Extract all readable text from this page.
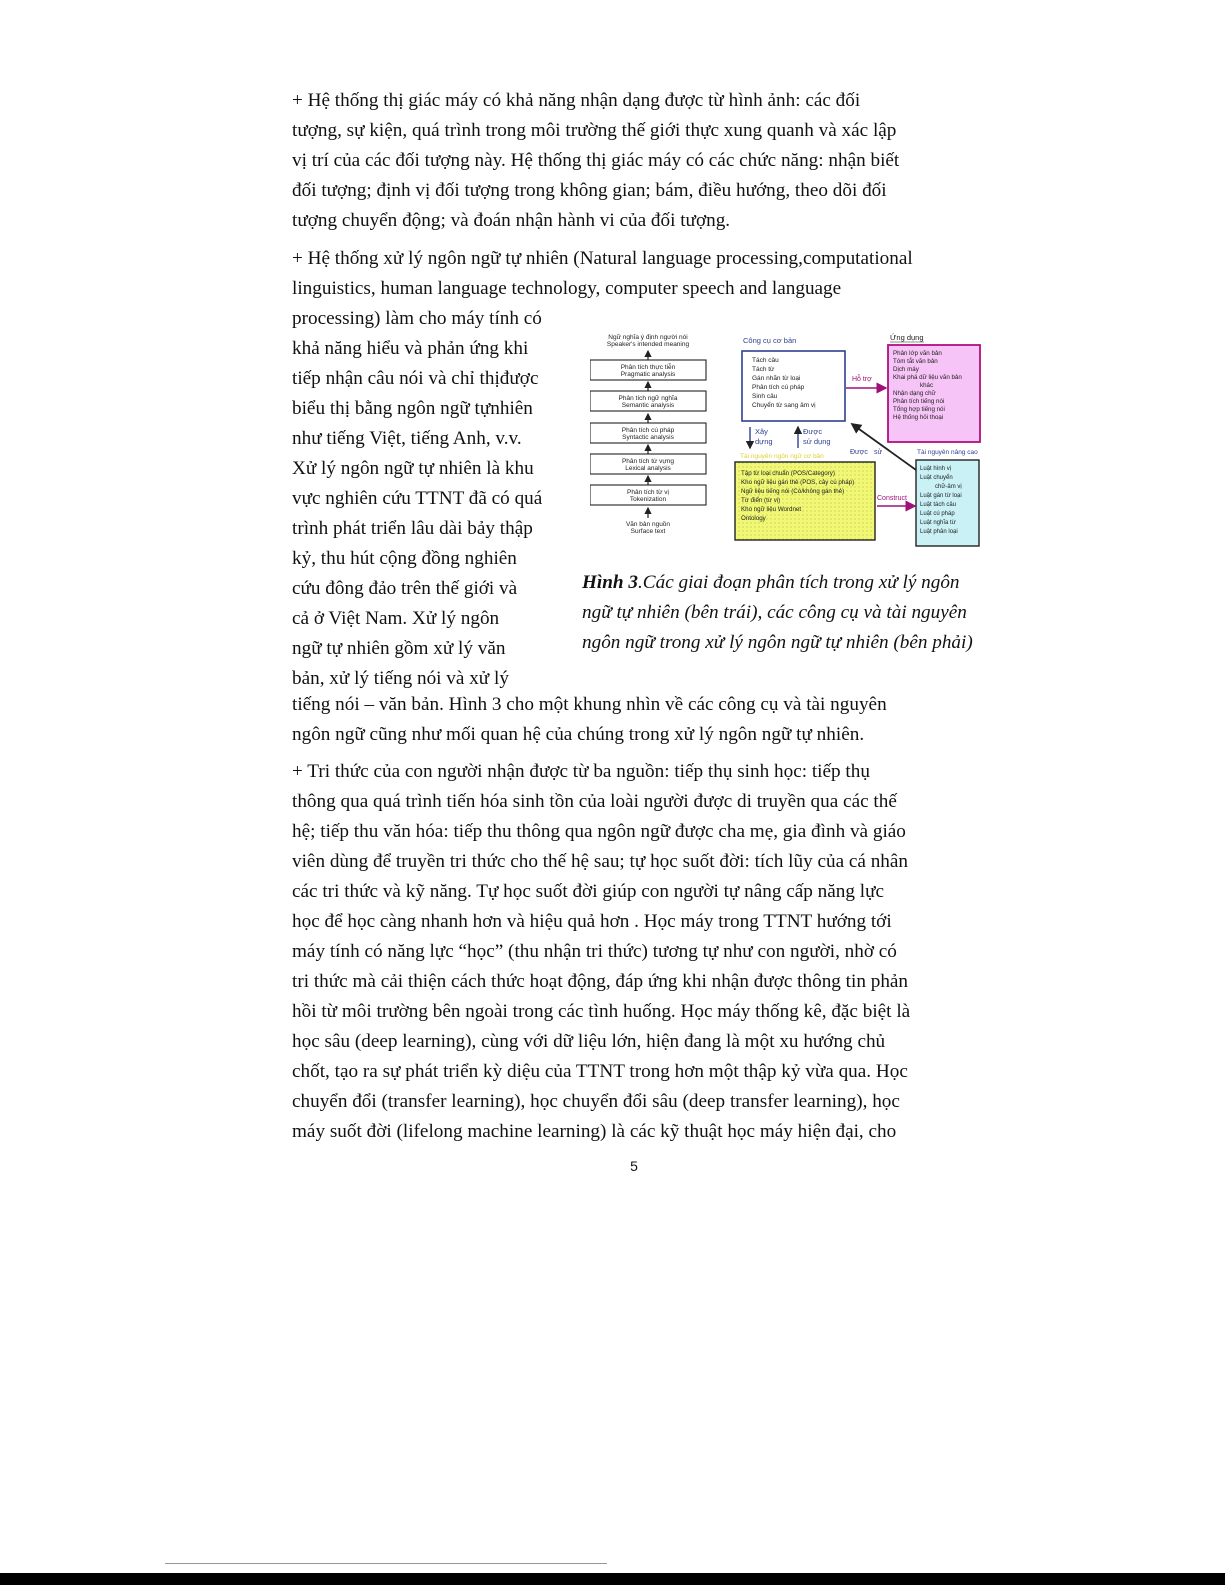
+ Hệ thống thị giác máy có khả năng nhận dạng được từ hình ảnh: các đối
tượng, sự kiện, quá trình trong môi trường thế giới thực xung quanh và xác lập
vị trí của các đối tượng này. Hệ thống thị giác máy có các chức năng: nhận biết
đối tượng; định vị đối tượng trong không gian; bám, điều hướng, theo dõi đối
tượng chuyển động; và đoán nhận hành vi của đối tượng.
+ Hệ thống xử lý ngôn ngữ tự nhiên (Natural language processing,computational
linguistics, human language technology, computer speech and language
processing) làm cho máy tính có
khả năng hiểu và phản ứng khi
tiếp nhận câu nói và chỉ thịđược
biểu thị bằng ngôn ngữ tựnhiên
như tiếng Việt, tiếng Anh, v.v.
Xử lý ngôn ngữ tự nhiên là khu
vực nghiên cứu TTNT đã có quá
trình phát triển lâu dài bảy thập
kỷ, thu hút cộng đồng nghiên
cứu đông đảo trên thế giới và
cả ở Việt Nam. Xử lý ngôn
ngữ tự nhiên gồm xử lý văn
bản, xử lý tiếng nói và xử lý
tiếng nói – văn bản. Hình 3 cho một khung nhìn về các công cụ và tài nguyên
ngôn ngữ cũng như mối quan hệ của chúng trong xử lý ngôn ngữ tự nhiên.
Ngữ nghĩa ý định người nói
Speaker's intended meaning
Phân tích thực tiễn
Pragmatic analysis
Phân tích ngữ nghĩa
Semantic analysis
Phân tích cú pháp
Syntactic analysis
Phân tích từ vựng
Lexical analysis
Phân tích từ vị
Tokenization
Văn bản nguồn
Surface text
Công cụ cơ bản
Tách câu
Tách từ
Gán nhãn từ loại
Phân tích cú pháp
Sinh câu
Chuyển từ sang âm vị
Hỗ trợ
Ứng dụng
Phân lớp văn bản
Tóm tắt văn bản
Dịch máy
Khai phá dữ liệu văn bản
khác
Nhận dạng chữ
Phân tích tiếng nói
Tổng hợp tiếng nói
Hệ thống hỏi thoại
Xây
dựng
Được
sử dụng
Được sử
Tài nguyên ngôn ngữ cơ bản
Tập từ loại chuẩn (POS/Category)
Kho ngữ liệu gán thẻ (POS, cây cú pháp)
Ngữ liệu tiếng nói (Có/không gán thẻ)
Từ điển (từ vị)
Kho ngữ liệu Wordnet
Ontology
Construct
Tài nguyên nâng cao
Luật hình vị
Luật chuyển
chữ-âm vị
Luật gán từ loại
Luật tách câu
Luật cú pháp
Luật nghĩa từ
Luật phân loại
Hình 3.Các giai đoạn phân tích trong xử lý ngôn
ngữ tự nhiên (bên trái), các công cụ và tài nguyên
ngôn ngữ trong xử lý ngôn ngữ tự nhiên (bên phải)
+ Tri thức của con người nhận được từ ba nguồn: tiếp thụ sinh học: tiếp thụ
thông qua quá trình tiến hóa sinh tồn của loài người được di truyền qua các thế
hệ; tiếp thu văn hóa: tiếp thu thông qua ngôn ngữ được cha mẹ, gia đình và giáo
viên dùng để truyền tri thức cho thế hệ sau; tự học suốt đời: tích lũy của cá nhân
các tri thức và kỹ năng. Tự học suốt đời giúp con người tự nâng cấp năng lực
học để học càng nhanh hơn và hiệu quả hơn . Học máy trong TTNT hướng tới
máy tính có năng lực “học” (thu nhận tri thức) tương tự như con người, nhờ có
tri thức mà cải thiện cách thức hoạt động, đáp ứng khi nhận được thông tin phản
hồi từ môi trường bên ngoài trong các tình huống. Học máy thống kê, đặc biệt là
học sâu (deep learning), cùng với dữ liệu lớn, hiện đang là một xu hướng chủ
chốt, tạo ra sự phát triển kỳ diệu của TTNT trong hơn một thập kỷ vừa qua. Học
chuyển đổi (transfer learning), học chuyển đổi sâu (deep transfer learning), học
máy suốt đời (lifelong machine learning) là các kỹ thuật học máy hiện đại, cho
5
